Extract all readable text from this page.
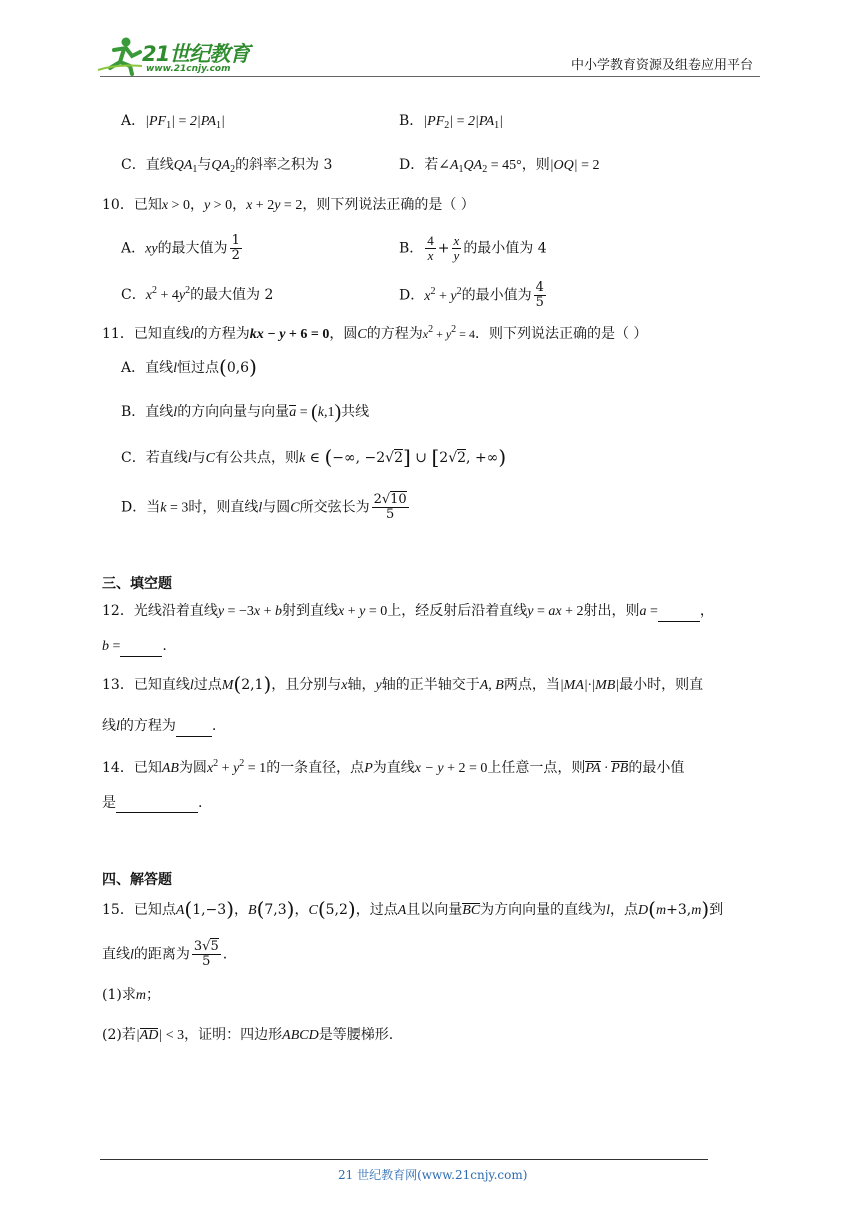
21世纪教育
www.21cnjy.com	中小学教育资源及组卷应用平台
A．$|PF_1| = 2|PA_1|$	B．$|PF_2| = 2|PA_1|$
C．直线$QA_1$与$QA_2$的斜率之积为 3	D．若$\angle A_1QA_2 = 45^\circ$，则|OQ| = 2
10．已知x > 0，y > 0，x + 2y = 2，则下列说法正确的是（ ）
A．xy的最大值为 $\frac{1}{2}$	B． $\frac{4}{x} + \frac{x}{y}$ 的最小值为 4
C．$x^2 + 4y^2$的最大值为 2	D．$x^2 + y^2$的最小值为 $\frac{4}{5}$
11．已知直线l的方程为kx − y + 6 = 0，圆C的方程为$x^2 + y^2 = 4$．则下列说法正确的是（ ）
A．直线l恒过点(0,6)
B．直线l的方向向量与向量a = (k,1)共线
C．若直线l与C有公共点，则k ∈ (−∞, −2√2] ∪ [2√2, +∞)
D．当k = 3时，则直线l与圆C所交弦长为 $\frac{2√10}{5}$
三、填空题
12．光线沿着直线y = −3x + b射到直线x + y = 0上，经反射后沿着直线y = ax + 2射出，则a =	，
b =	.
13．已知直线l过点M(2,1)，且分别与x轴，y轴的正半轴交于A, B两点，当|MA|·|MB|最小时，则直
线l的方程为	.
14．已知AB为圆$x^2 + y^2 = 1$的一条直径，点P为直线x − y + 2 = 0上任意一点，则PA · PB的最小值
是	.
四、解答题
15．已知点A(1,−3)，B(7,3)，C(5,2)，过点A且以向量BC为方向向量的直线为l，点D(m+3,m)到
直线l的距离为 $\frac{3√5}{5}$ .
(1)求m；
(2)若|AD| < 3，证明：四边形ABCD是等腰梯形.
21 世纪教育网(www.21cnjy.com)
